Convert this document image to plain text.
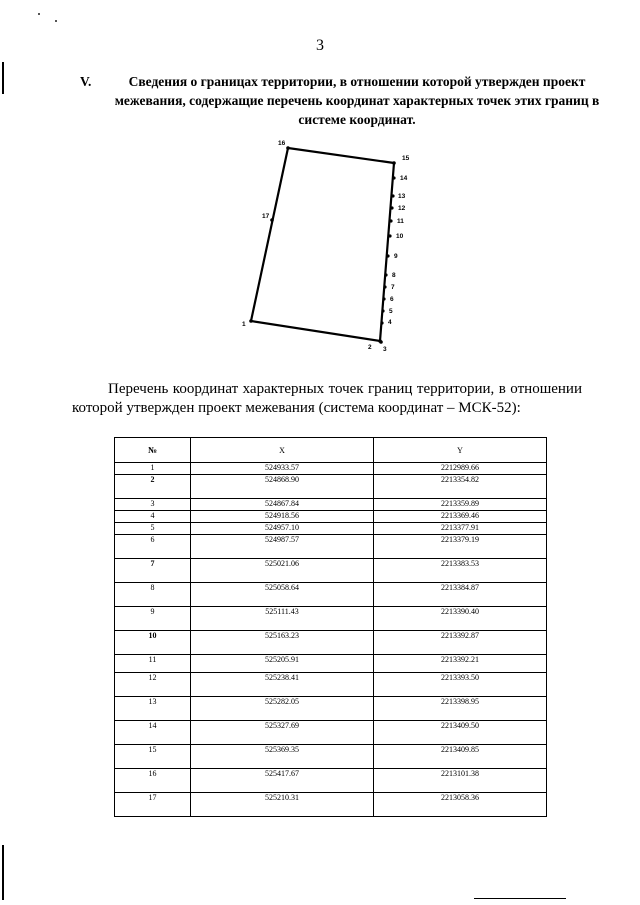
3
V.	Сведения о границах территории, в отношении которой утвержден проект межевания, содержащие перечень координат характерных точек этих границ в системе координат.
1
2 3
4
5
6
7
8
9
10
11
12
13
14
15
16
17
Перечень координат характерных точек границ территории, в отношении которой утвержден проект межевания (система координат – МСК-52):
№	X	Y
1	524933.57	2212989.66
2	524868.90	2213354.82
3	524867.84	2213359.89
4	524918.56	2213369.46
5	524957.10	2213377.91
6	524987.57	2213379.19
7	525021.06	2213383.53
8	525058.64	2213384.87
9	525111.43	2213390.40
10	525163.23	2213392.87
11	525205.91	2213392.21
12	525238.41	2213393.50
13	525282.05	2213398.95
14	525327.69	2213409.50
15	525369.35	2213409.85
16	525417.67	2213101.38
17	525210.31	2213058.36
